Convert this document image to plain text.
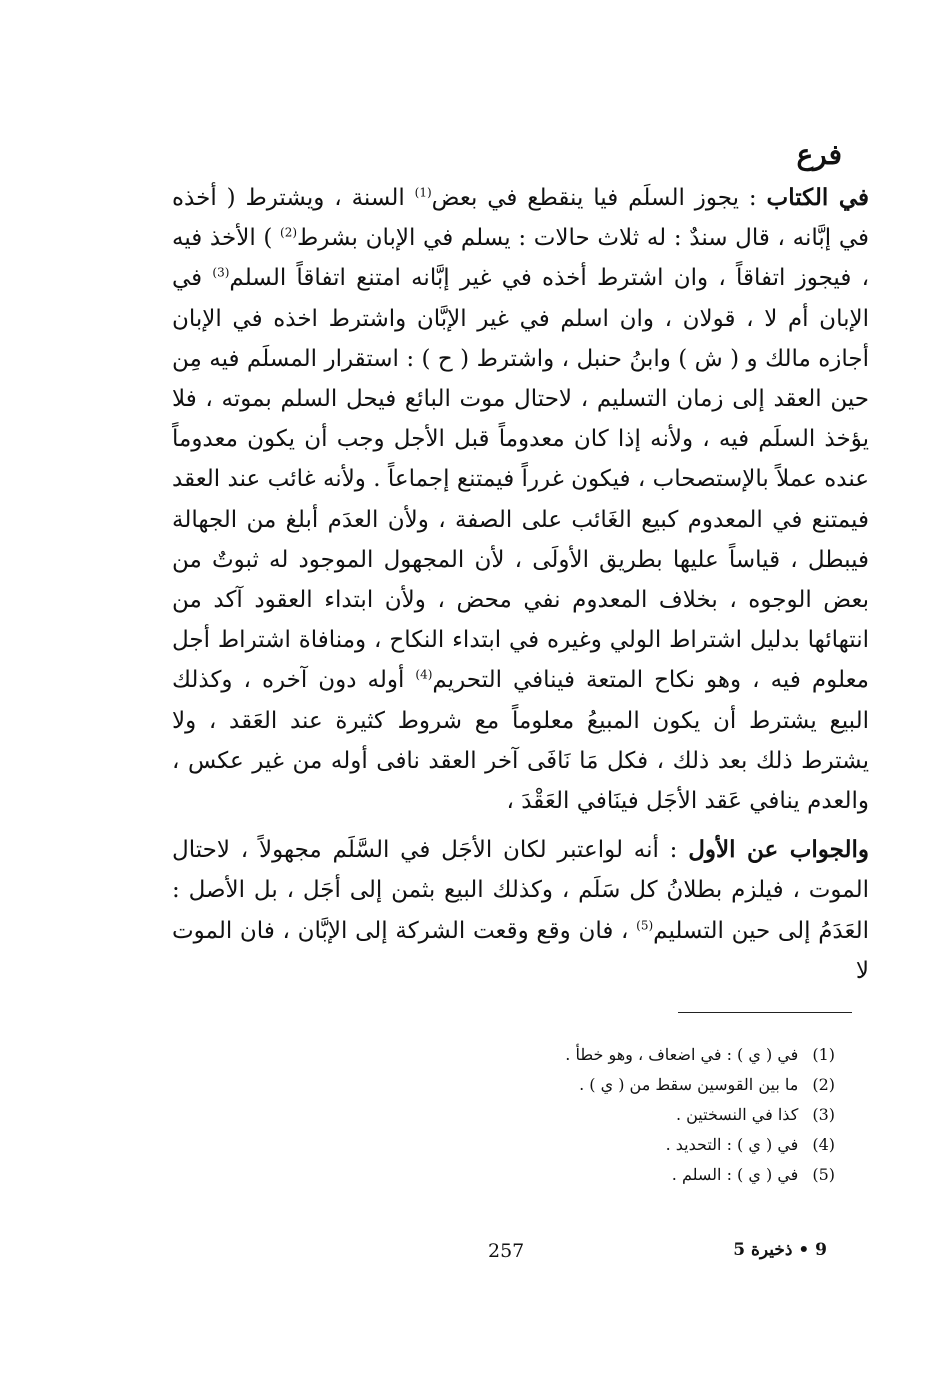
فرع

في الكتاب : يجوز السلَم فيا ينقطع في بعض$^{(1)}$ السنة ، ويشترط ( أخذه في إبَّانه ، قال سندٌ : له ثلاث حالات : يسلم في الإبان بشرط$^{(2)}$ ) الأخذ فيه ، فيجوز اتفاقاً ، وان اشترط أخذه في غير إبَّانه امتنع اتفاقاً السلم$^{(3)}$ في الإبان أم لا ، قولان ، وان اسلم في غير الإبَّان واشترط اخذه في الإبان أجازه مالك و ( ش ) وابنُ حنبل ، واشترط ( ح ) : استقرار المسلَم فيه مِن حين العقد إلى زمان التسليم ، لاحتال موت البائع فيحل السلم بموته ، فلا يؤخذ السلَم فيه ، ولأنه إذا كان معدوماً قبل الأجل وجب أن يكون معدوماً عنده عملاً بالإستصحاب ، فيكون غرراً فيمتنع إجماعاً . ولأنه غائب عند العقد فيمتنع في المعدوم كبيع الغَائب على الصفة ، ولأن العدَم أبلغ من الجهالة فيبطل ، قياساً عليها بطريق الأولَى ، لأن المجهول الموجود له ثبوتٌ من بعض الوجوه ، بخلاف المعدوم نفي محض ، ولأن ابتداء العقود آكد من انتهائها بدليل اشتراط الولي وغيره في ابتداء النكاح ، ومنافاة اشتراط أجل معلوم فيه ، وهو نكاح المتعة فينافي التحريم$^{(4)}$ أوله دون آخره ، وكذلك البيع يشترط أن يكون المبيعُ معلوماً مع شروط كثيرة عند العَقد ، ولا يشترط ذلك بعد ذلك ، فكل مَا نَافَى آخر العقد نافى أوله من غير عكس ، والعدم ينافي عَقد الأجَل فينَافي العَقْدَ ،

والجواب عن الأول : أنه لواعتبر لكان الأجَل في السَّلَم مجهولاً ، لاحتال الموت ، فيلزم بطلانُ كل سَلَم ، وكذلك البيع بثمن إلى أجَل ، بل الأصل : العَدَمُ إلى حين التسليم$^{(5)}$ ، فان وقع وقعت الشركة إلى الإبَّان ، فان الموت لا

(1)
في ( ي ) : في اضعاف ، وهو خطأ .
(2)
ما بين القوسين سقط من ( ي ) .
(3)
كذا في النسختين .
(4)
في ( ي ) : التحديد .
(5)
في ( ي ) : السلم .
257	9 • ذخيرة 5
